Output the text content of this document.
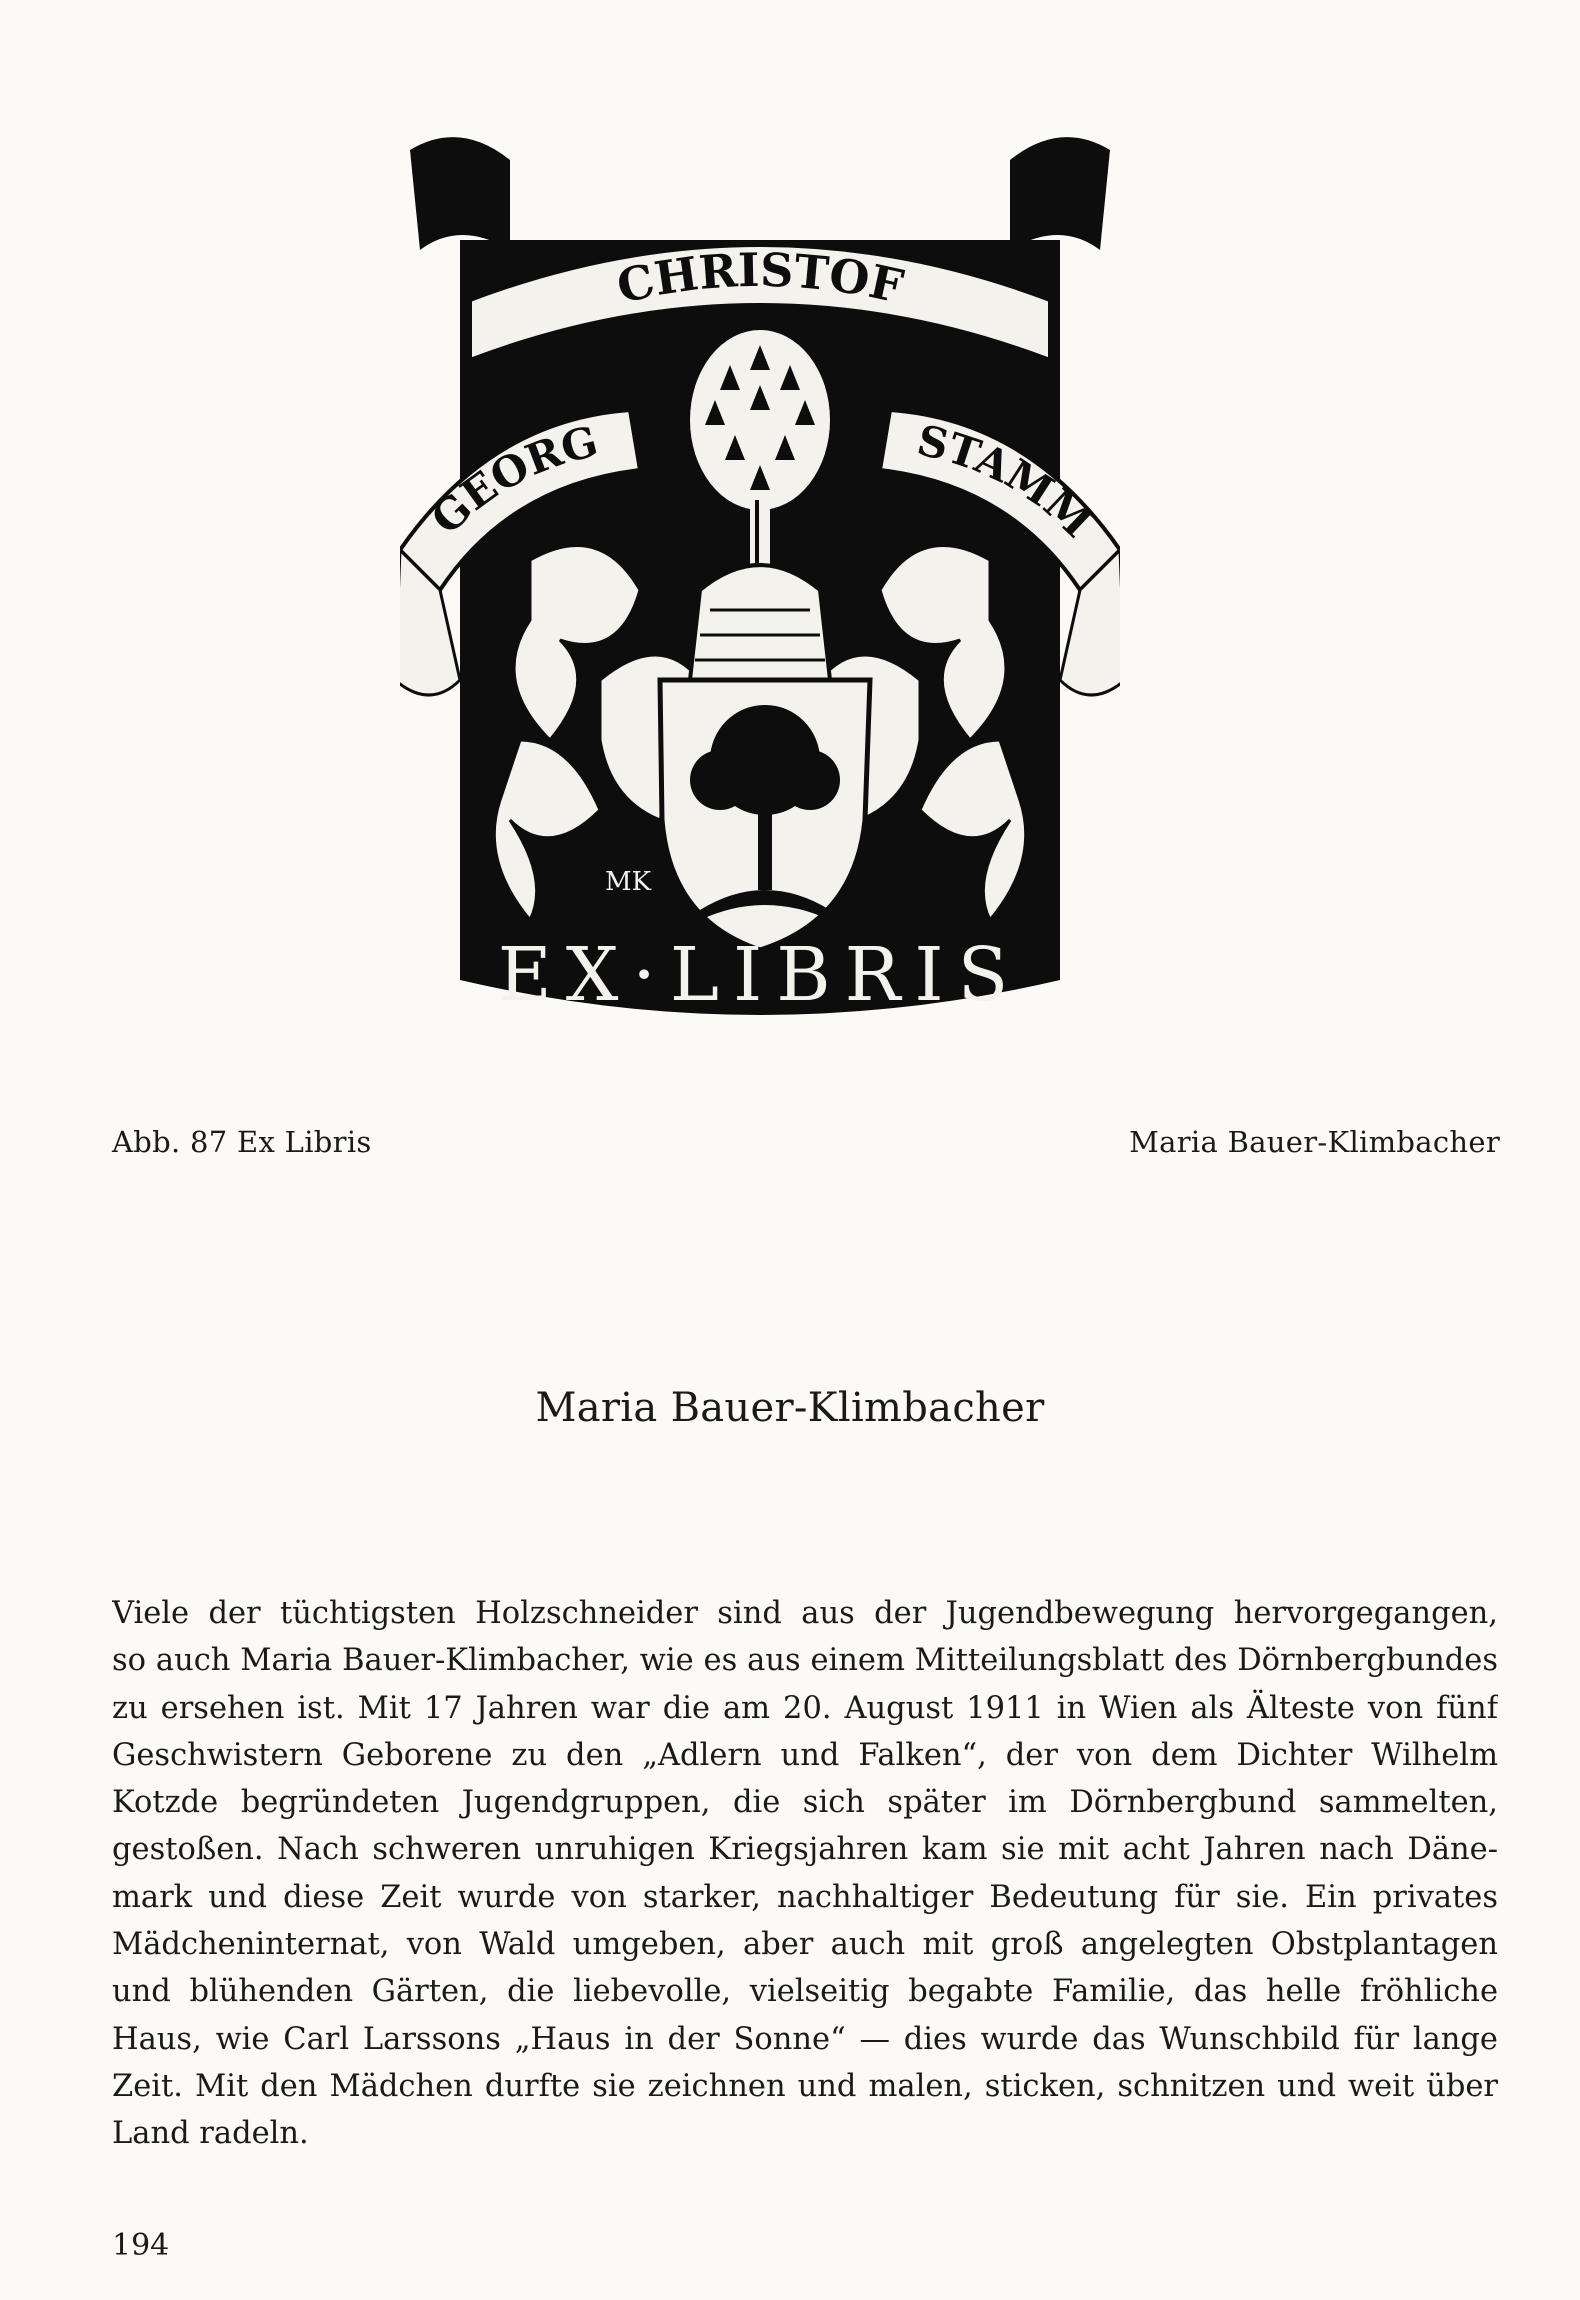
CHRISTOF
GEORG	STAMM
MK
EX·LIBRIS
Abb. 87 Ex Libris	Maria Bauer-Klimbacher
Maria Bauer-Klimbacher
Viele der tüchtigsten Holzschneider sind aus der Jugendbewegung hervorgegangen,
so auch Maria Bauer-Klimbacher, wie es aus einem Mitteilungsblatt des Dörnbergbundes
zu ersehen ist. Mit 17 Jahren war die am 20. August 1911 in Wien als Älteste von fünf
Geschwistern Geborene zu den „Adlern und Falken“, der von dem Dichter Wilhelm
Kotzde begründeten Jugendgruppen, die sich später im Dörnbergbund sammelten,
gestoßen. Nach schweren unruhigen Kriegsjahren kam sie mit acht Jahren nach Däne-
mark und diese Zeit wurde von starker, nachhaltiger Bedeutung für sie. Ein privates
Mädcheninternat, von Wald umgeben, aber auch mit groß angelegten Obstplantagen
und blühenden Gärten, die liebevolle, vielseitig begabte Familie, das helle fröhliche
Haus, wie Carl Larssons „Haus in der Sonne“ — dies wurde das Wunschbild für lange
Zeit. Mit den Mädchen durfte sie zeichnen und malen, sticken, schnitzen und weit über
Land radeln.
194
